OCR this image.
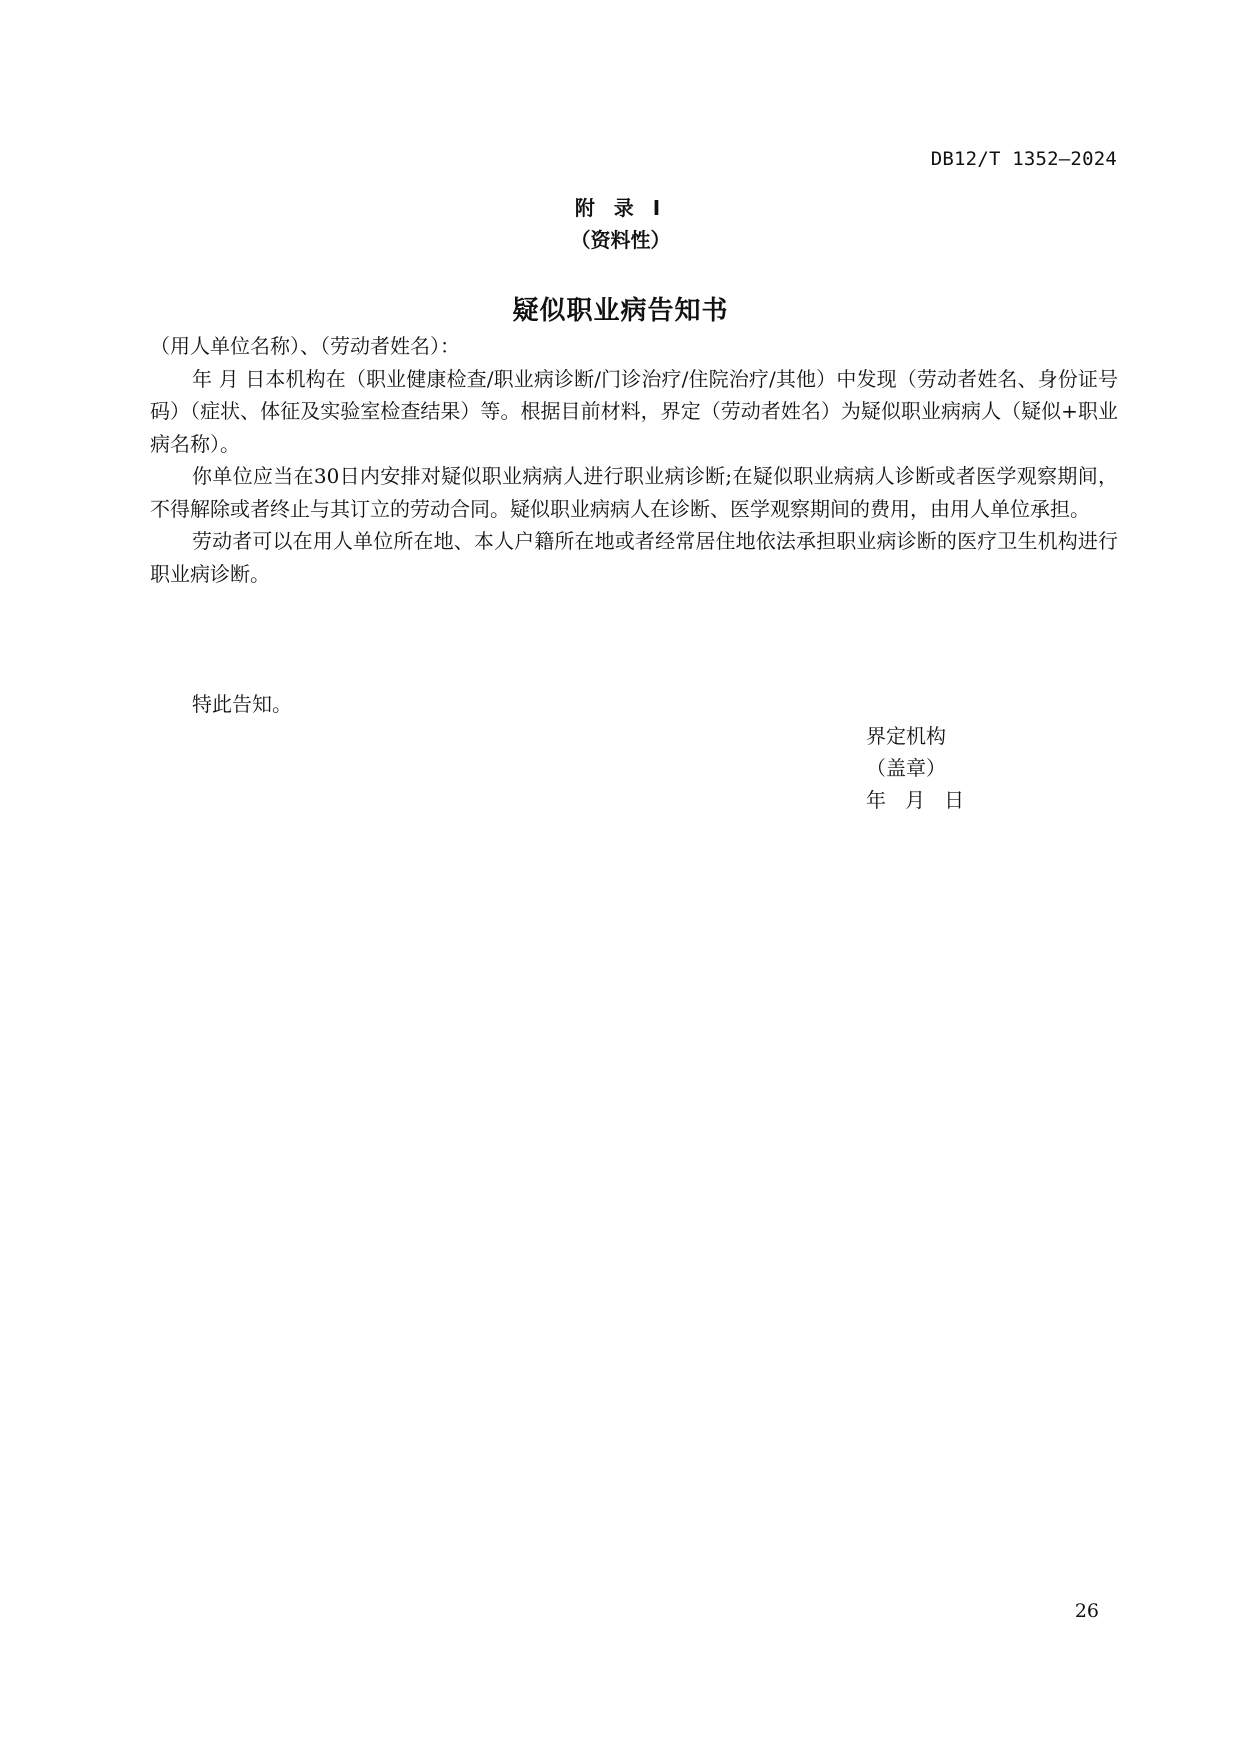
DB12/T 1352—2024
附 录 I
（资料性）
疑似职业病告知书

（用人单位名称）、（劳动者姓名）：

年 月 日本机构在（职业健康检查/职业病诊断/门诊治疗/住院治疗/其他）中发现（劳动者姓名、身份证号码）（症状、体征及实验室检查结果）等。根据目前材料，界定（劳动者姓名）为疑似职业病病人（疑似+职业病名称）。

你单位应当在30日内安排对疑似职业病病人进行职业病诊断;在疑似职业病病人诊断或者医学观察期间，不得解除或者终止与其订立的劳动合同。疑似职业病病人在诊断、医学观察期间的费用，由用人单位承担。

劳动者可以在用人单位所在地、本人户籍所在地或者经常居住地依法承担职业病诊断的医疗卫生机构进行职业病诊断。

特此告知。
界定机构
（盖章）
年   月   日
26
